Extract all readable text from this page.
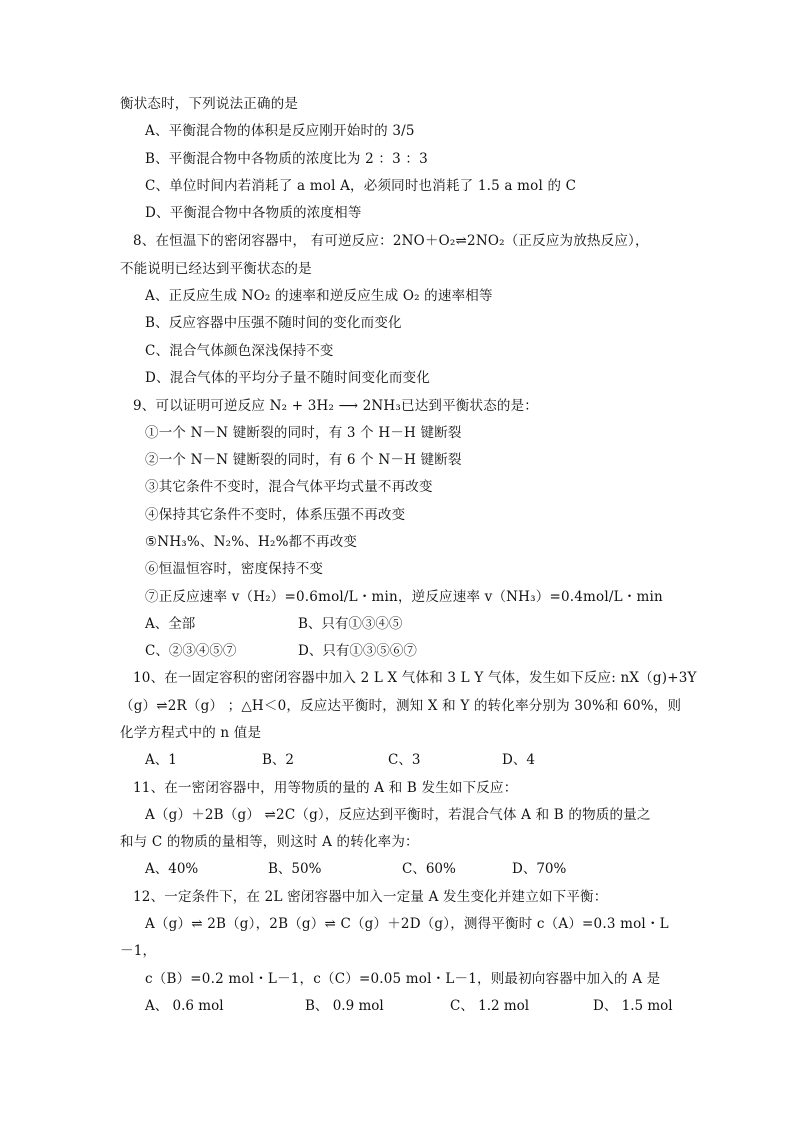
衡状态时，下列说法正确的是
A、平衡混合物的体积是反应刚开始时的 3/5
B、平衡混合物中各物质的浓度比为 2 ：3 ：3
C、单位时间内若消耗了 a mol A，必须同时也消耗了 1.5 a mol 的 C
D、平衡混合物中各物质的浓度相等
8、在恒温下的密闭容器中， 有可逆反应：2NO＋O₂⇌2NO₂（正反应为放热反应），
不能说明已经达到平衡状态的是
A、正反应生成 NO₂ 的速率和逆反应生成 O₂ 的速率相等
B、反应容器中压强不随时间的变化而变化
C、混合气体颜色深浅保持不变
D、混合气体的平均分子量不随时间变化而变化
9、可以证明可逆反应 N₂ + 3H₂ ⟶ 2NH₃已达到平衡状态的是：
①一个 N－N 键断裂的同时，有 3 个 H－H 键断裂
②一个 N－N 键断裂的同时，有 6 个 N－H 键断裂
③其它条件不变时，混合气体平均式量不再改变
④保持其它条件不变时，体系压强不再改变
⑤NH₃%、N₂%、H₂%都不再改变
⑥恒温恒容时，密度保持不变
⑦正反应速率 v（H₂）=0.6mol/L・min，逆反应速率 v（NH₃）=0.4mol/L・min
A、全部	B、只有①③④⑤
C、②③④⑤⑦	D、只有①③⑤⑥⑦
10、在一固定容积的密闭容器中加入 2 L X 气体和 3 L Y 气体，发生如下反应: nX（g)+3Y
（g）⇌2R（g） ；△H＜0，反应达平衡时，测知 X 和 Y 的转化率分别为 30%和 60%，则
化学方程式中的 n 值是
A、1	B、2	C、3	D、4
11、在一密闭容器中，用等物质的量的 A 和 B 发生如下反应：
A（g）＋2B（g） ⇌2C（g），反应达到平衡时，若混合气体 A 和 B 的物质的量之
和与 C 的物质的量相等，则这时 A 的转化率为：
A、40%	B、50%	C、60%	D、70%
12、一定条件下，在 2L 密闭容器中加入一定量 A 发生变化并建立如下平衡：
A（g）⇌ 2B（g），2B（g）⇌ C（g）＋2D（g），测得平衡时 c（A）=0.3 mol・L
－1，
c（B）=0.2 mol・L－1，c（C）=0.05 mol・L－1，则最初向容器中加入的 A 是
A、 0.6 mol	B、 0.9 mol	C、 1.2 mol	D、 1.5 mol
